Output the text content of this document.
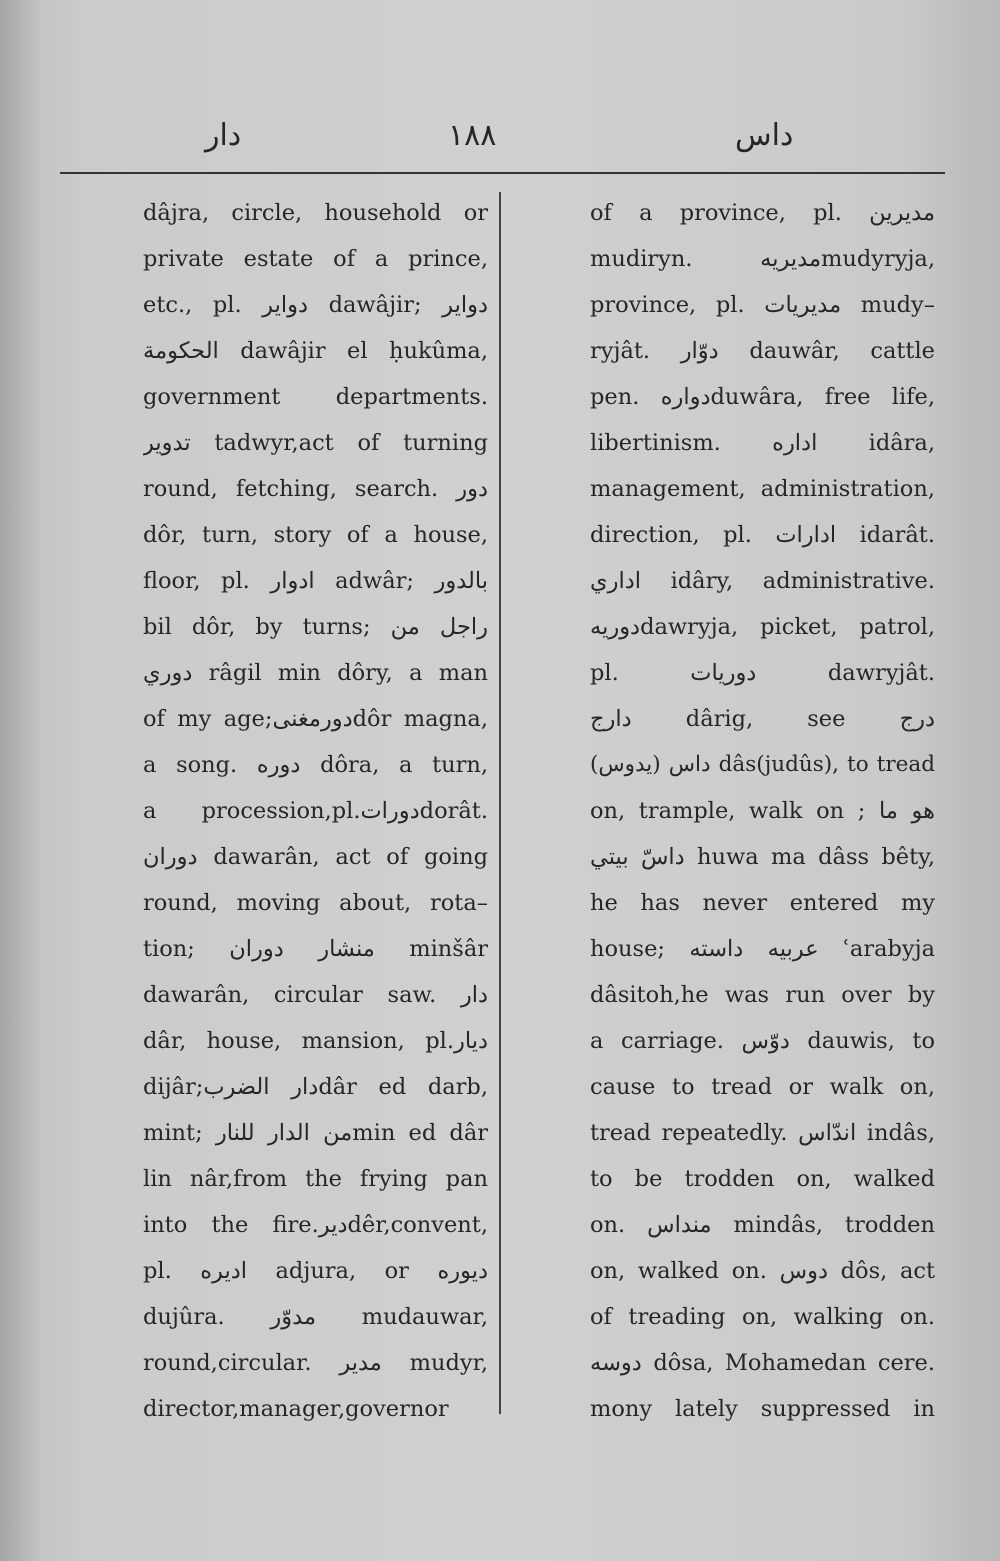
دار	١٨٨	داس
dâjra, circle, household or
private estate of a prince,
etc., pl. دواير dawâjir; دواير
الحكومة dawâjir el ḥukûma,
government departments.
تدوير tadwyr,act of turning
round, fetching, search. دور
dôr, turn, story of a house,
floor, pl. ادوار adwâr; بالدور
bil dôr, by turns; راجل من
دوري râgil min dôry, a man
of my age;دورمغنىdôr magna,
a song. دوره dôra, a turn,
a procession,pl.دوراتdorât.
دوران dawarân, act of going
round, moving about, rota–
tion; منشار دوران minšâr
dawarân, circular saw. دار
dâr, house, mansion, pl.ديار
dijâr;دار الضربdâr ed darb,
mint; من الدار للنارmin ed dâr
lin nâr,from the frying pan
into the fire.ديرdêr,convent,
pl. اديره adjura, or ديوره
dujûra. مدوّر mudauwar,
round,circular. مدير mudyr,
director,manager,governor
of a province, pl. مديرين
mudiryn. مديريهmudyryja,
province, pl. مديريات mudy–
ryjât. دوّار dauwâr, cattle
pen. دوارهduwâra, free life,
libertinism. اداره idâra,
management, administration,
direction, pl. ادارات idarât.
اداري idâry, administrative.
دوريهdawryja, picket, patrol,
pl. دوريات dawryjât.
دارج dârig, see درج
داس (يدوس) dâs(judûs), to tread
on, trample, walk on ; هو ما
داسّ بيتي huwa ma dâss bêty,
he has never entered my
house; عربيه داسته ʿarabyja
dâsitoh,he was run over by
a carriage. دوّس dauwis, to
cause to tread or walk on,
tread repeatedly. اندّاس indâs,
to be trodden on, walked
on. منداس mindâs, trodden
on, walked on. دوس dôs, act
of treading on, walking on.
دوسه dôsa, Mohamedan cere.
mony lately suppressed in
